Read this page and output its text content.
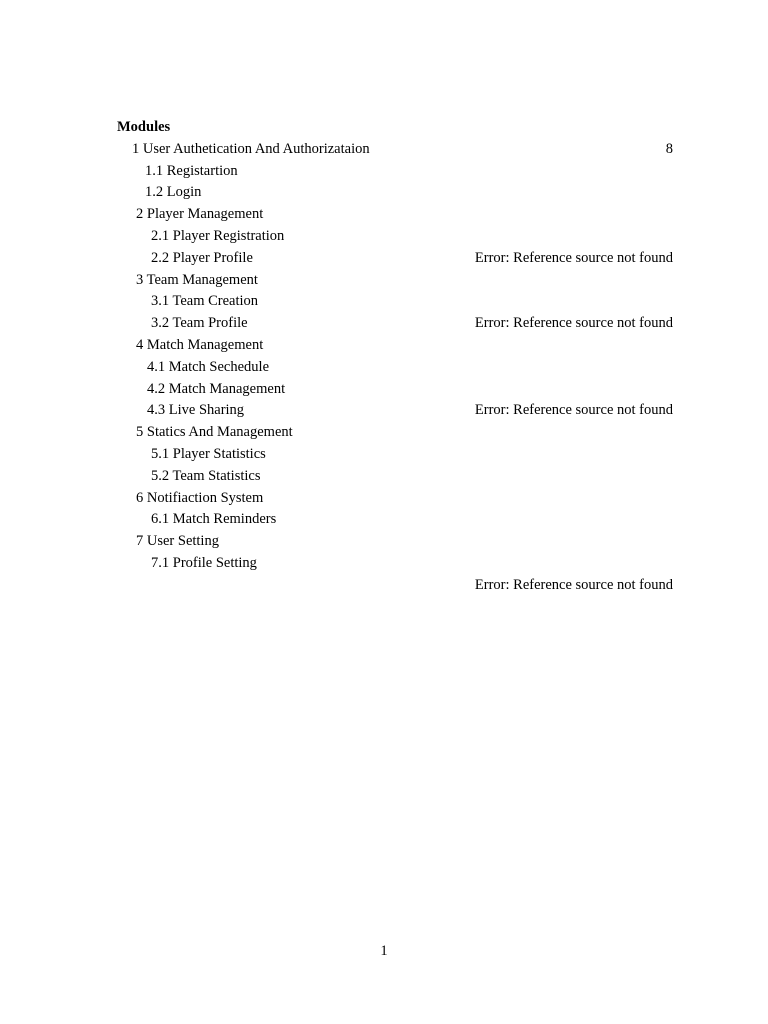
Modules
1 User Authetication And Authorizataion	8
1.1 Registartion
1.2 Login
2 Player Management
2.1 Player Registration
2.2 Player Profile	Error: Reference source not found
3 Team Management
3.1 Team Creation
3.2 Team Profile	Error: Reference source not found
4 Match Management
4.1 Match Sechedule
4.2 Match Management
4.3 Live Sharing	Error: Reference source not found
5 Statics And Management
5.1 Player Statistics
5.2 Team Statistics
6 Notifiaction System
6.1 Match Reminders
7 User Setting
7.1 Profile Setting
Error: Reference source not found
1
